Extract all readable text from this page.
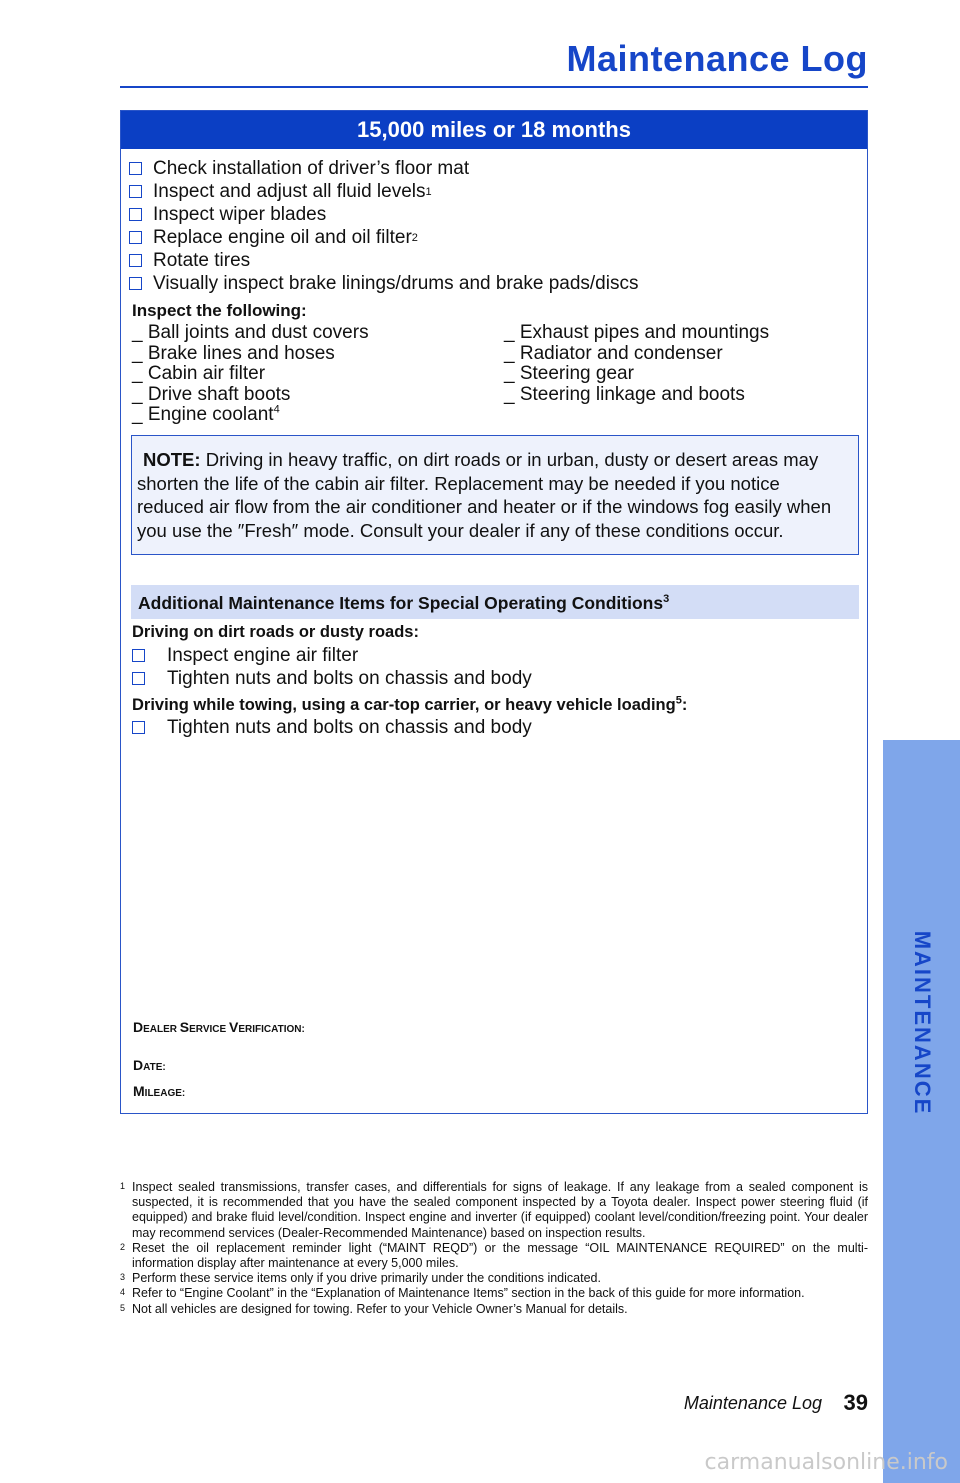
Maintenance Log
15,000 miles or 18 months
Check installation of driver’s floor mat
Inspect and adjust all fluid levels 1
Inspect wiper blades
Replace engine oil and oil filter 2
Rotate tires
Visually inspect brake linings/drums and brake pads/discs
Inspect the following:
_ Ball joints and dust covers
_ Brake lines and hoses
_ Cabin air filter
_ Drive shaft boots
_ Engine coolant$^4$
_ Exhaust pipes and mountings
_ Radiator and condenser
_ Steering gear
_ Steering linkage and boots
NOTE: Driving in heavy traffic, on dirt roads or in urban, dusty or desert areas may
shorten the life of the cabin air filter. Replacement may be needed if you notice
reduced air flow from the air conditioner and heater or if the windows fog easily when
you use the ″Fresh″ mode. Consult your dealer if any of these conditions occur.
Additional Maintenance Items for Special Operating Conditions$^3$
Driving on dirt roads or dusty roads:
Inspect engine air filter
Tighten nuts and bolts on chassis and body
Driving while towing, using a car-top carrier, or heavy vehicle loading$^5$:
Tighten nuts and bolts on chassis and body
DEALER SERVICE VERIFICATION:
DATE:
MILEAGE:
1 Inspect sealed transmissions, transfer cases, and differentials for signs of leakage. If any leakage from a sealed component is suspected, it is recommended that you have the sealed component inspected by a Toyota dealer. Inspect power steering fluid (if equipped) and brake fluid level/condition. Inspect engine and inverter (if equipped) coolant level/condition/freezing point. Your dealer may recommend services (Dealer-Recommended Maintenance) based on inspection results.
2 Reset the oil replacement reminder light (“MAINT REQD”) or the message “OIL MAINTENANCE REQUIRED” on the multi-information display after maintenance at every 5,000 miles.
3 Perform these service items only if you drive primarily under the conditions indicated.
4 Refer to “Engine Coolant” in the “Explanation of Maintenance Items” section in the back of this guide for more information.
5 Not all vehicles are designed for towing. Refer to your Vehicle Owner’s Manual for details.
Maintenance Log 39
MAINTENANCE
carmanualsonline.info
